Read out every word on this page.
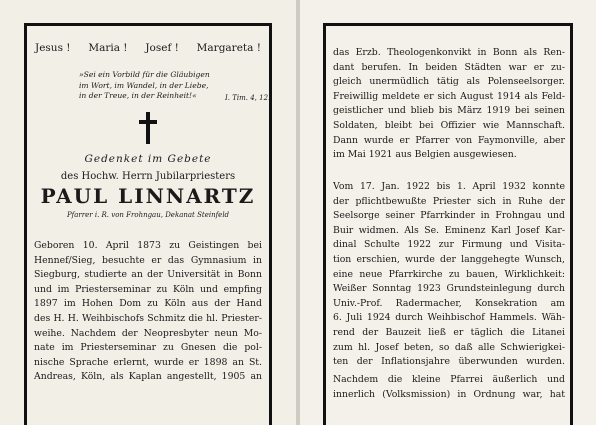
Jesus ! Maria ! Josef ! Margareta !
»Sei ein Vorbild für die Gläubigen
im Wort, im Wandel, in der Liebe,
in der Treue, in der Reinheit!«	I. Tim. 4, 12.
Gedenket im Gebete
des Hochw. Herrn Jubilarpriesters
PAUL LINNARTZ
Pfarrer i. R. von Frohngau, Dekanat Steinfeld
Geboren 10. April 1873 zu Geistingen bei
Hennef/Sieg, besuchte er das Gymnasium in
Siegburg, studierte an der Universität in Bonn
und im Priesterseminar zu Köln und empfing
1897 im Hohen Dom zu Köln aus der Hand
des H. H. Weihbischofs Schmitz die hl. Priester-
weihe. Nachdem der Neopresbyter neun Mo-
nate im Priesterseminar zu Gnesen die pol-
nische Sprache erlernt, wurde er 1898 an St.
Andreas, Köln, als Kaplan angestellt, 1905 an
das Erzb. Theologenkonvikt in Bonn als Ren-
dant berufen. In beiden Städten war er zu-
gleich unermüdlich tätig als Polenseelsorger.
Freiwillig meldete er sich August 1914 als Feld-
geistlicher und blieb bis März 1919 bei seinen
Soldaten, bleibt bei Offizier wie Mannschaft.
Dann wurde er Pfarrer von Faymonville, aber
im Mai 1921 aus Belgien ausgewiesen.
Vom 17. Jan. 1922 bis 1. April 1932 konnte
der pflichtbewußte Priester sich in Ruhe der
Seelsorge seiner Pfarrkinder in Frohngau und
Buir widmen. Als Se. Eminenz Karl Josef Kar-
dinal Schulte 1922 zur Firmung und Visita-
tion erschien, wurde der langgehegte Wunsch,
eine neue Pfarrkirche zu bauen, Wirklichkeit:
Weißer Sonntag 1923 Grundsteinlegung durch
Univ.-Prof. Radermacher, Konsekration am
6. Juli 1924 durch Weihbischof Hammels. Wäh-
rend der Bauzeit ließ er täglich die Litanei
zum hl. Josef beten, so daß alle Schwierigkei-
ten der Inflationsjahre überwunden wurden.
Nachdem die kleine Pfarrei äußerlich und
innerlich (Volksmission) in Ordnung war, hat
